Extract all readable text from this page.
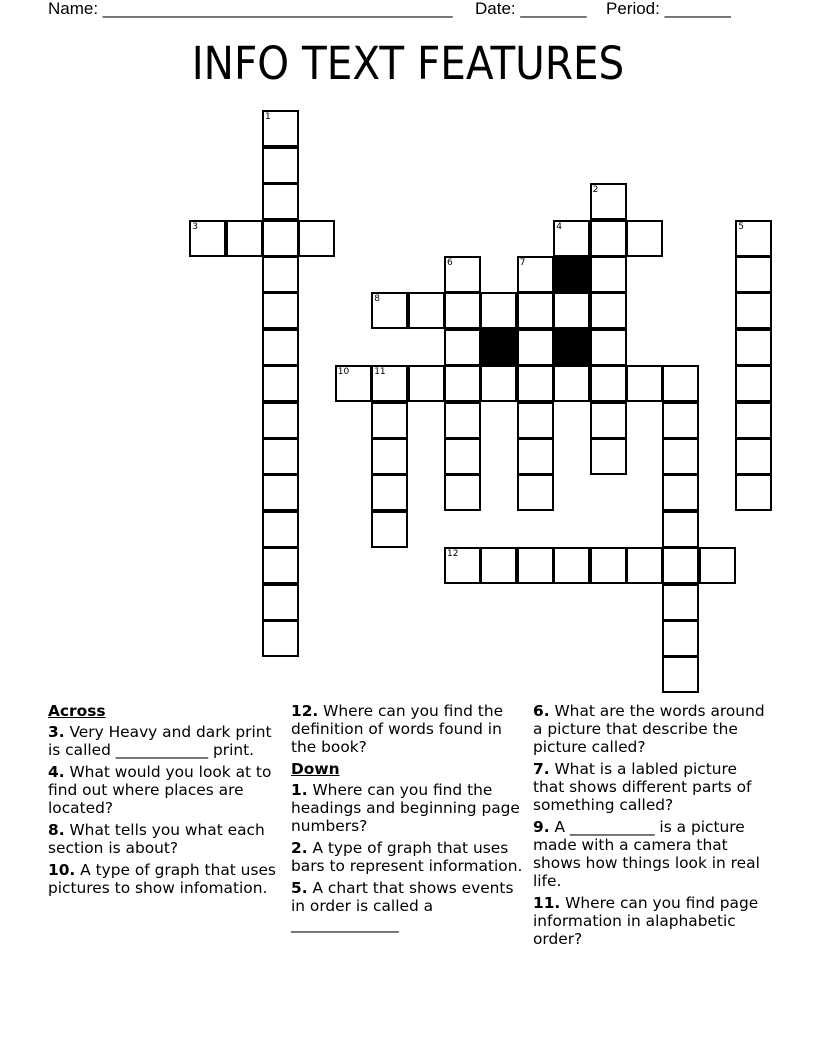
Name: _____________________________________ Date: _______ Period: _______
INFO TEXT FEATURES
1
3
2
4	5
6	7
8
10	11
12
Across
3. Very Heavy and dark print is called ____________ print.
4. What would you look at to find out where places are located?
8. What tells you what each section is about?
10. A type of graph that uses pictures to show infomation.
12. Where can you find the definition of words found in the book?
Down
1. Where can you find the headings and beginning page numbers?
2. A type of graph that uses bars to represent information.
5. A chart that shows events in order is called a ______________
6. What are the words around a picture that describe the picture called?
7. What is a labled picture that shows different parts of something called?
9. A ___________ is a picture made with a camera that shows how things look in real life.
11. Where can you find page information in alaphabetic order?
